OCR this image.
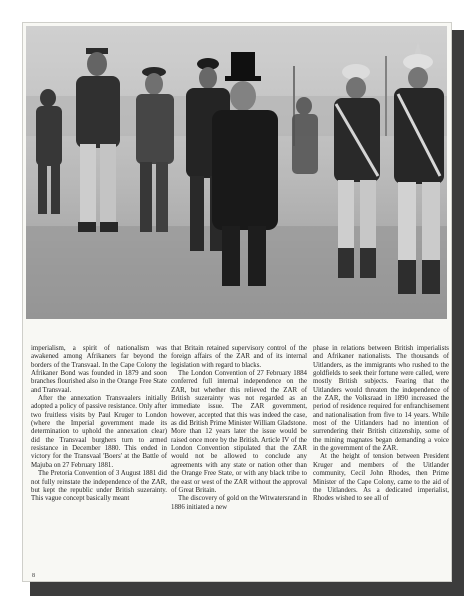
imperialism, a spirit of nationalism was awakened among Afrikaners far beyond the borders of the Transvaal. In the Cape Colony the Afrikaner Bond was founded in 1879 and soon branches flourished also in the Orange Free State and Transvaal.

After the annexation Transvaalers initially adopted a policy of passive resistance. Only after two fruitless visits by Paul Kruger to London (where the Imperial government made its determination to uphold the annexation clear) did the Transvaal burghers turn to armed resistance in December 1880. This ended in victory for the Transvaal 'Boers' at the Battle of Majuba on 27 February 1881.

The Pretoria Convention of 3 August 1881 did not fully reinstate the independence of the ZAR, but kept the republic under British suzerainty. This vague concept basically meant

that Britain retained supervisory control of the foreign affairs of the ZAR and of its internal legislation with regard to blacks.

The London Convention of 27 February 1884 conferred full internal independence on the ZAR, but whether this relieved the ZAR of British suzerainty was not regarded as an immediate issue. The ZAR government, however, accepted that this was indeed the case, as did British Prime Minister William Gladstone. More than 12 years later the issue would be raised once more by the British. Article IV of the London Convention stipulated that the ZAR would not be allowed to conclude any agreements with any state or nation other than the Orange Free State, or with any black tribe to the east or west of the ZAR without the approval of Great Britain.

The discovery of gold on the Witwatersrand in 1886 initiated a new

phase in relations between British imperialists and Afrikaner nationalists. The thousands of Uitlanders, as the immigrants who rushed to the goldfields to seek their fortune were called, were mostly British subjects. Fearing that the Uitlanders would threaten the independence of the ZAR, the Volksraad in 1890 increased the period of residence required for enfranchisement and nationalisation from five to 14 years. While most of the Uitlanders had no intention of surrendering their British citizenship, some of the mining magnates began demanding a voice in the government of the ZAR.

At the height of tension between President Kruger and members of the Uitlander community, Cecil John Rhodes, then Prime Minister of the Cape Colony, came to the aid of the Uitlanders. As a dedicated imperialist, Rhodes wished to see all of

8
